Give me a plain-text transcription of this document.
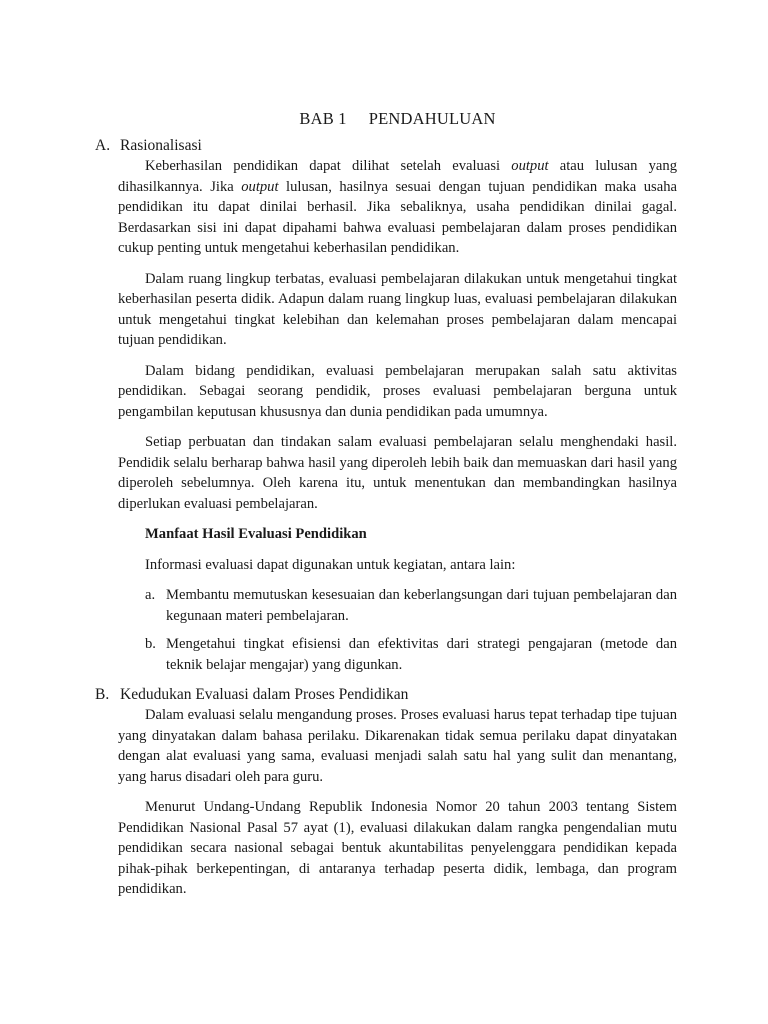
BAB 1 PENDAHULUAN
A. Rasionalisasi
Keberhasilan pendidikan dapat dilihat setelah evaluasi output atau lulusan yang dihasilkannya. Jika output lulusan, hasilnya sesuai dengan tujuan pendidikan maka usaha pendidikan itu dapat dinilai berhasil. Jika sebaliknya, usaha pendidikan dinilai gagal. Berdasarkan sisi ini dapat dipahami bahwa evaluasi pembelajaran dalam proses pendidikan cukup penting untuk mengetahui keberhasilan pendidikan.
Dalam ruang lingkup terbatas, evaluasi pembelajaran dilakukan untuk mengetahui tingkat keberhasilan peserta didik. Adapun dalam ruang lingkup luas, evaluasi pembelajaran dilakukan untuk mengetahui tingkat kelebihan dan kelemahan proses pembelajaran dalam mencapai tujuan pendidikan.
Dalam bidang pendidikan, evaluasi pembelajaran merupakan salah satu aktivitas pendidikan. Sebagai seorang pendidik, proses evaluasi pembelajaran berguna untuk pengambilan keputusan khususnya dan dunia pendidikan pada umumnya.
Setiap perbuatan dan tindakan salam evaluasi pembelajaran selalu menghendaki hasil. Pendidik selalu berharap bahwa hasil yang diperoleh lebih baik dan memuaskan dari hasil yang diperoleh sebelumnya. Oleh karena itu, untuk menentukan dan membandingkan hasilnya diperlukan evaluasi pembelajaran.
Manfaat Hasil Evaluasi Pendidikan
Informasi evaluasi dapat digunakan untuk kegiatan, antara lain:
a. Membantu memutuskan kesesuaian dan keberlangsungan dari tujuan pembelajaran dan kegunaan materi pembelajaran.
b. Mengetahui tingkat efisiensi dan efektivitas dari strategi pengajaran (metode dan teknik belajar mengajar) yang digunkan.
B. Kedudukan Evaluasi dalam Proses Pendidikan
Dalam evaluasi selalu mengandung proses. Proses evaluasi harus tepat terhadap tipe tujuan yang dinyatakan dalam bahasa perilaku. Dikarenakan tidak semua perilaku dapat dinyatakan dengan alat evaluasi yang sama, evaluasi menjadi salah satu hal yang sulit dan menantang, yang harus disadari oleh para guru.
Menurut Undang-Undang Republik Indonesia Nomor 20 tahun 2003 tentang Sistem Pendidikan Nasional Pasal 57 ayat (1), evaluasi dilakukan dalam rangka pengendalian mutu pendidikan secara nasional sebagai bentuk akuntabilitas penyelenggara pendidikan kepada pihak-pihak berkepentingan, di antaranya terhadap peserta didik, lembaga, dan program pendidikan.
